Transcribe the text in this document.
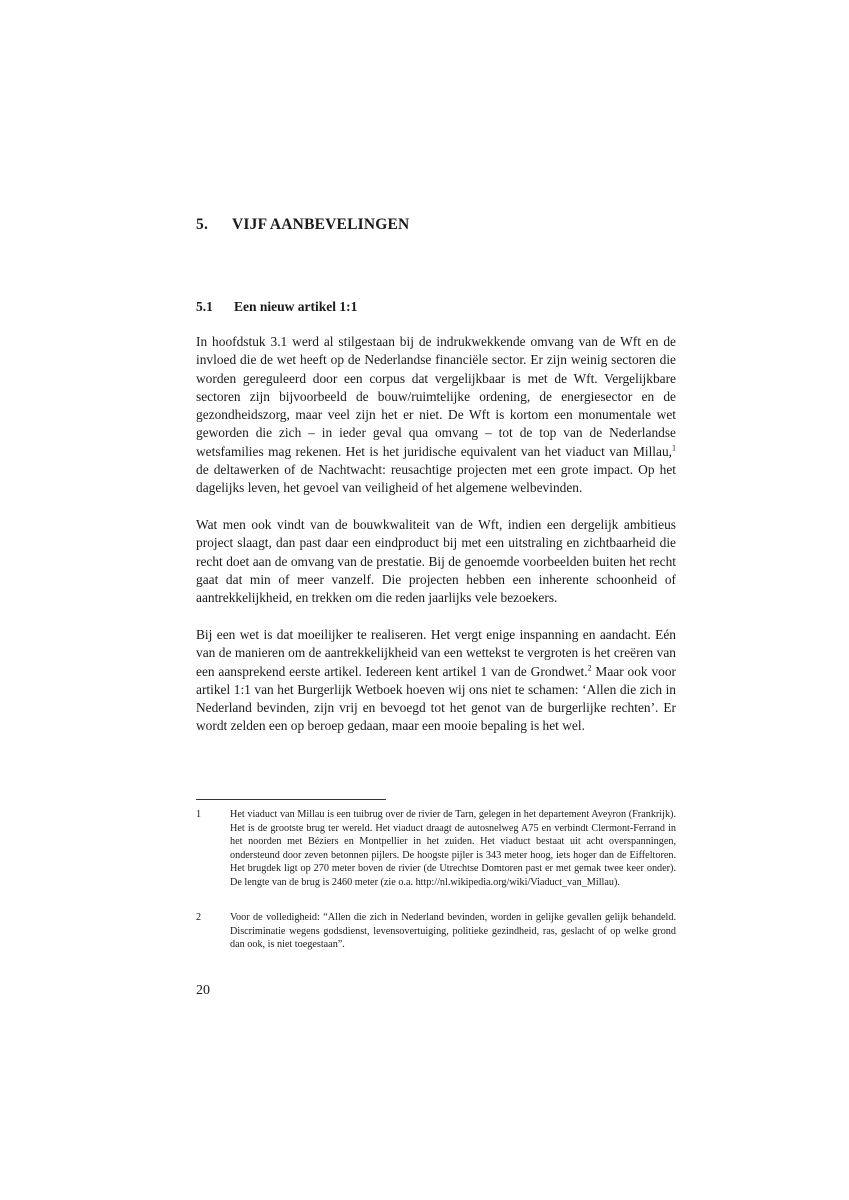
5. VIJF AANBEVELINGEN
5.1 Een nieuw artikel 1:1

In hoofdstuk 3.1 werd al stilgestaan bij de indrukwekkende omvang van de Wft en de invloed die de wet heeft op de Nederlandse financiële sector. Er zijn weinig sectoren die worden gereguleerd door een corpus dat vergelijkbaar is met de Wft. Vergelijkbare sectoren zijn bijvoorbeeld de bouw/ruimtelijke ordening, de energiesector en de gezondheidszorg, maar veel zijn het er niet. De Wft is kortom een monumentale wet geworden die zich – in ieder geval qua omvang – tot de top van de Nederlandse wetsfamilies mag rekenen. Het is het juridische equivalent van het viaduct van Millau,$^1$ de deltawerken of de Nachtwacht: reusachtige projecten met een grote impact. Op het dagelijks leven, het gevoel van veiligheid of het algemene welbevinden.

Wat men ook vindt van de bouwkwaliteit van de Wft, indien een dergelijk ambitieus project slaagt, dan past daar een eindproduct bij met een uitstraling en zichtbaarheid die recht doet aan de omvang van de prestatie. Bij de genoemde voorbeelden buiten het recht gaat dat min of meer vanzelf. Die projecten hebben een inherente schoonheid of aantrekkelijkheid, en trekken om die reden jaarlijks vele bezoekers.

Bij een wet is dat moeilijker te realiseren. Het vergt enige inspanning en aandacht. Eén van de manieren om de aantrekkelijkheid van een wettekst te vergroten is het creëren van een aansprekend eerste artikel. Iedereen kent artikel 1 van de Grondwet.$^2$ Maar ook voor artikel 1:1 van het Burgerlijk Wetboek hoeven wij ons niet te schamen: ‘Allen die zich in Nederland bevinden, zijn vrij en bevoegd tot het genot van de burgerlijke rechten’. Er wordt zelden een op beroep gedaan, maar een mooie bepaling is het wel.

1	Het viaduct van Millau is een tuibrug over de rivier de Tarn, gelegen in het departement Aveyron (Frankrijk). Het is de grootste brug ter wereld. Het viaduct draagt de autosnelweg A75 en verbindt Clermont-Ferrand in het noorden met Béziers en Montpellier in het zuiden. Het viaduct bestaat uit acht overspanningen, ondersteund door zeven betonnen pijlers. De hoogste pijler is 343 meter hoog, iets hoger dan de Eiffeltoren. Het brugdek ligt op 270 meter boven de rivier (de Utrechtse Domtoren past er met gemak twee keer onder). De lengte van de brug is 2460 meter (zie o.a. http://nl.wikipedia.org/wiki/Viaduct_van_Millau).
2	Voor de volledigheid: “Allen die zich in Nederland bevinden, worden in gelijke gevallen gelijk behandeld. Discriminatie wegens godsdienst, levensovertuiging, politieke gezindheid, ras, geslacht of op welke grond dan ook, is niet toegestaan”.
20
